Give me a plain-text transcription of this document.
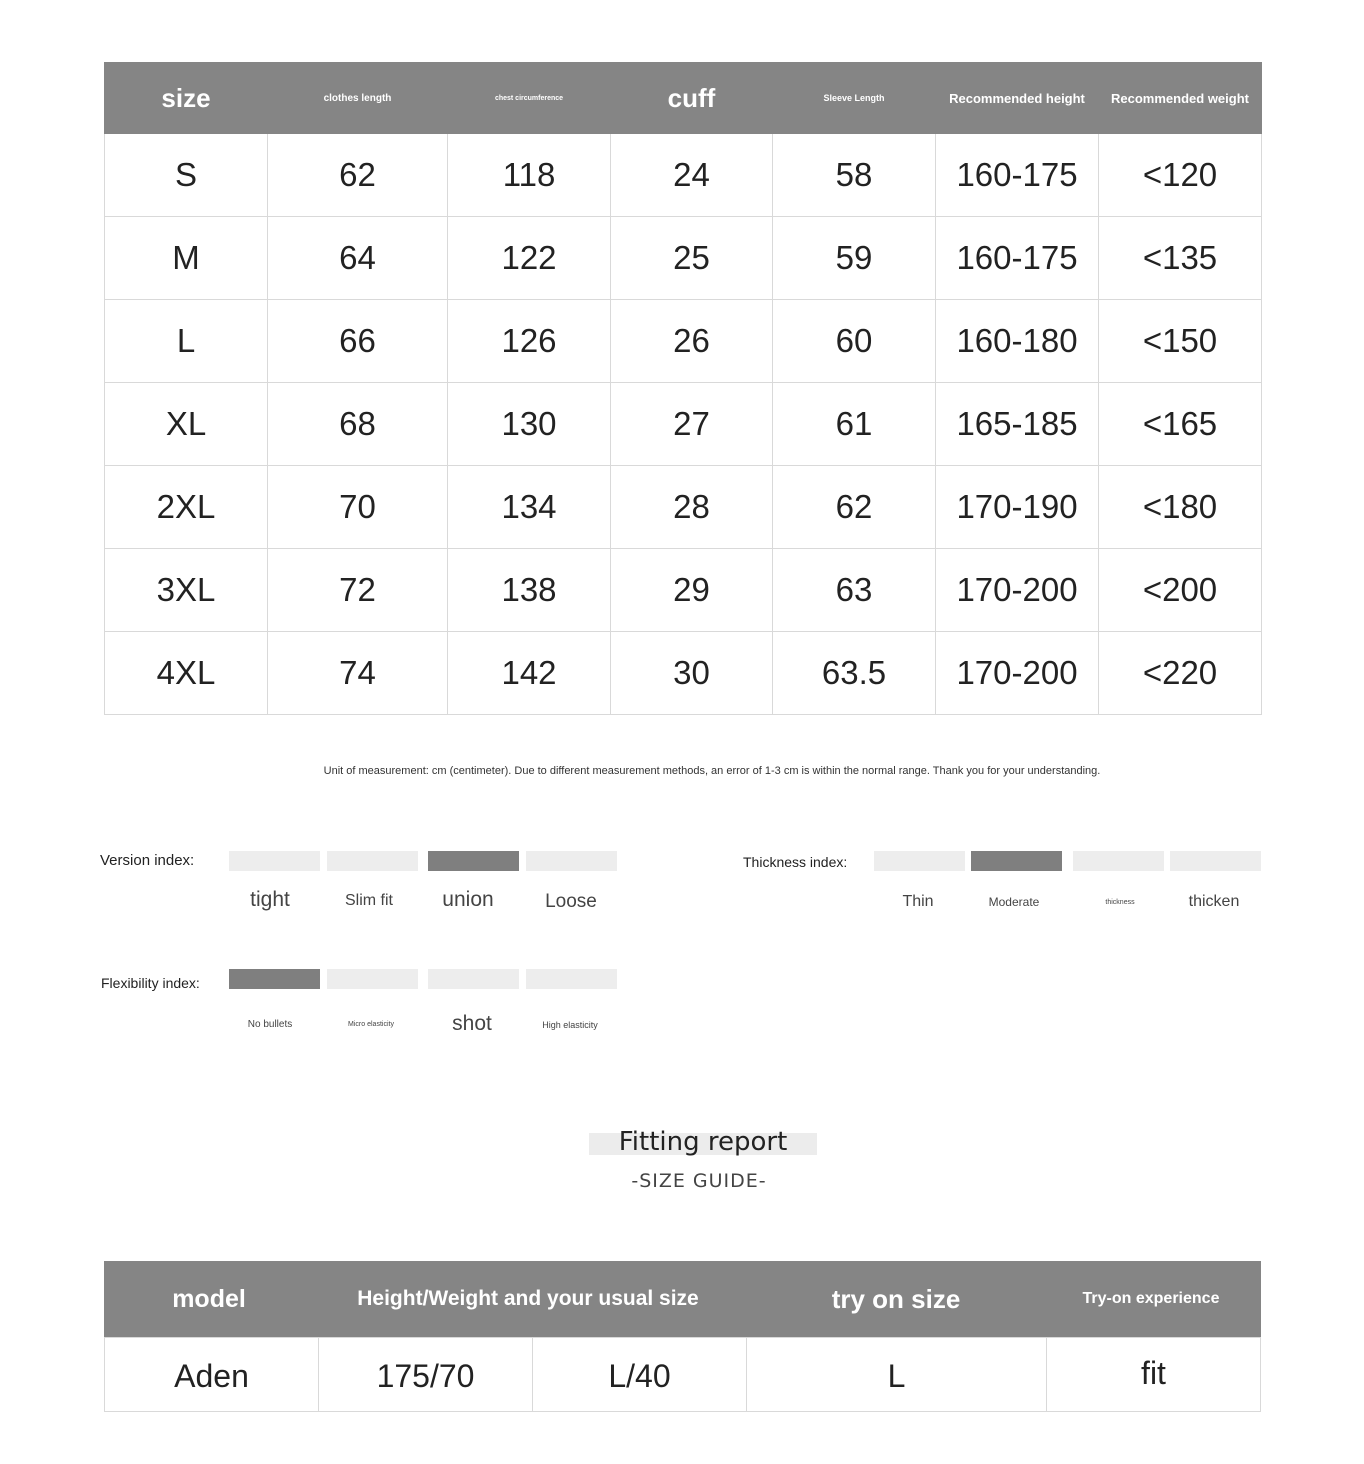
size	clothes length	chest circumference	cuff	Sleeve Length	Recommended height	Recommended weight
S	62	118	24	58	160-175	<120
M	64	122	25	59	160-175	<135
L	66	126	26	60	160-180	<150
XL	68	130	27	61	165-185	<165
2XL	70	134	28	62	170-190	<180
3XL	72	138	29	63	170-200	<200
4XL	74	142	30	63.5	170-200	<220
Unit of measurement: cm (centimeter). Due to different measurement methods, an error of 1-3 cm is within the normal range. Thank you for your understanding.
Version index:
tight	Slim fit	union	Loose
Thickness index:
Thin	Moderate	thickness	thicken
Flexibility index:
No bullets	Micro elasticity	shot	High elasticity
Fitting report
-SIZE GUIDE-
model	Height/Weight and your usual size	try on size	Try-on experience
Aden	175/70	L/40	L	fit
